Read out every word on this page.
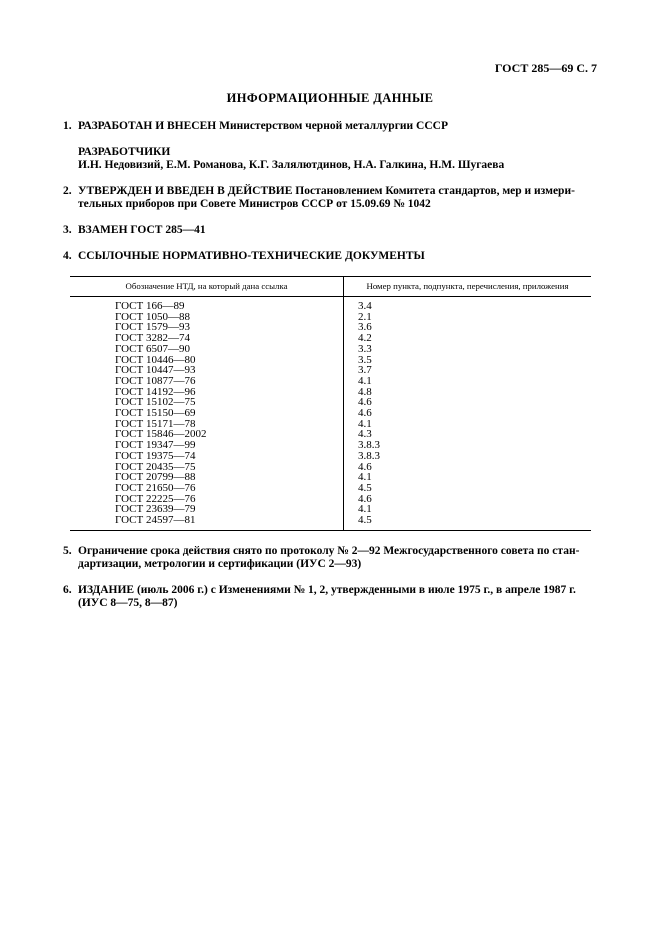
ГОСТ 285—69 С. 7
ИНФОРМАЦИОННЫЕ ДАННЫЕ
1. РАЗРАБОТАН И ВНЕСЕН Министерством черной металлургии СССР
РАЗРАБОТЧИКИ
И.Н. Недовизий, Е.М. Романова, К.Г. Залялютдинов, Н.А. Галкина, Н.М. Шугаева
2. УТВЕРЖДЕН И ВВЕДЕН В ДЕЙСТВИЕ Постановлением Комитета стандартов, мер и измери-
тельных приборов при Совете Министров СССР от 15.09.69 № 1042
3. ВЗАМЕН ГОСТ 285—41
4. ССЫЛОЧНЫЕ НОРМАТИВНО-ТЕХНИЧЕСКИЕ ДОКУМЕНТЫ
Обозначение НТД, на который дана ссылка	Номер пункта, подпункта, перечисления, приложения
ГОСТ 166—89	3.4
ГОСТ 1050—88	2.1
ГОСТ 1579—93	3.6
ГОСТ 3282—74	4.2
ГОСТ 6507—90	3.3
ГОСТ 10446—80	3.5
ГОСТ 10447—93	3.7
ГОСТ 10877—76	4.1
ГОСТ 14192—96	4.8
ГОСТ 15102—75	4.6
ГОСТ 15150—69	4.6
ГОСТ 15171—78	4.1
ГОСТ 15846—2002	4.3
ГОСТ 19347—99	3.8.3
ГОСТ 19375—74	3.8.3
ГОСТ 20435—75	4.6
ГОСТ 20799—88	4.1
ГОСТ 21650—76	4.5
ГОСТ 22225—76	4.6
ГОСТ 23639—79	4.1
ГОСТ 24597—81	4.5
5. Ограничение срока действия снято по протоколу № 2—92 Межгосударственного совета по стан-
дартизации, метрологии и сертификации (ИУС 2—93)
6. ИЗДАНИЕ (июль 2006 г.) с Изменениями № 1, 2, утвержденными в июле 1975 г., в апреле 1987 г.
(ИУС 8—75, 8—87)
